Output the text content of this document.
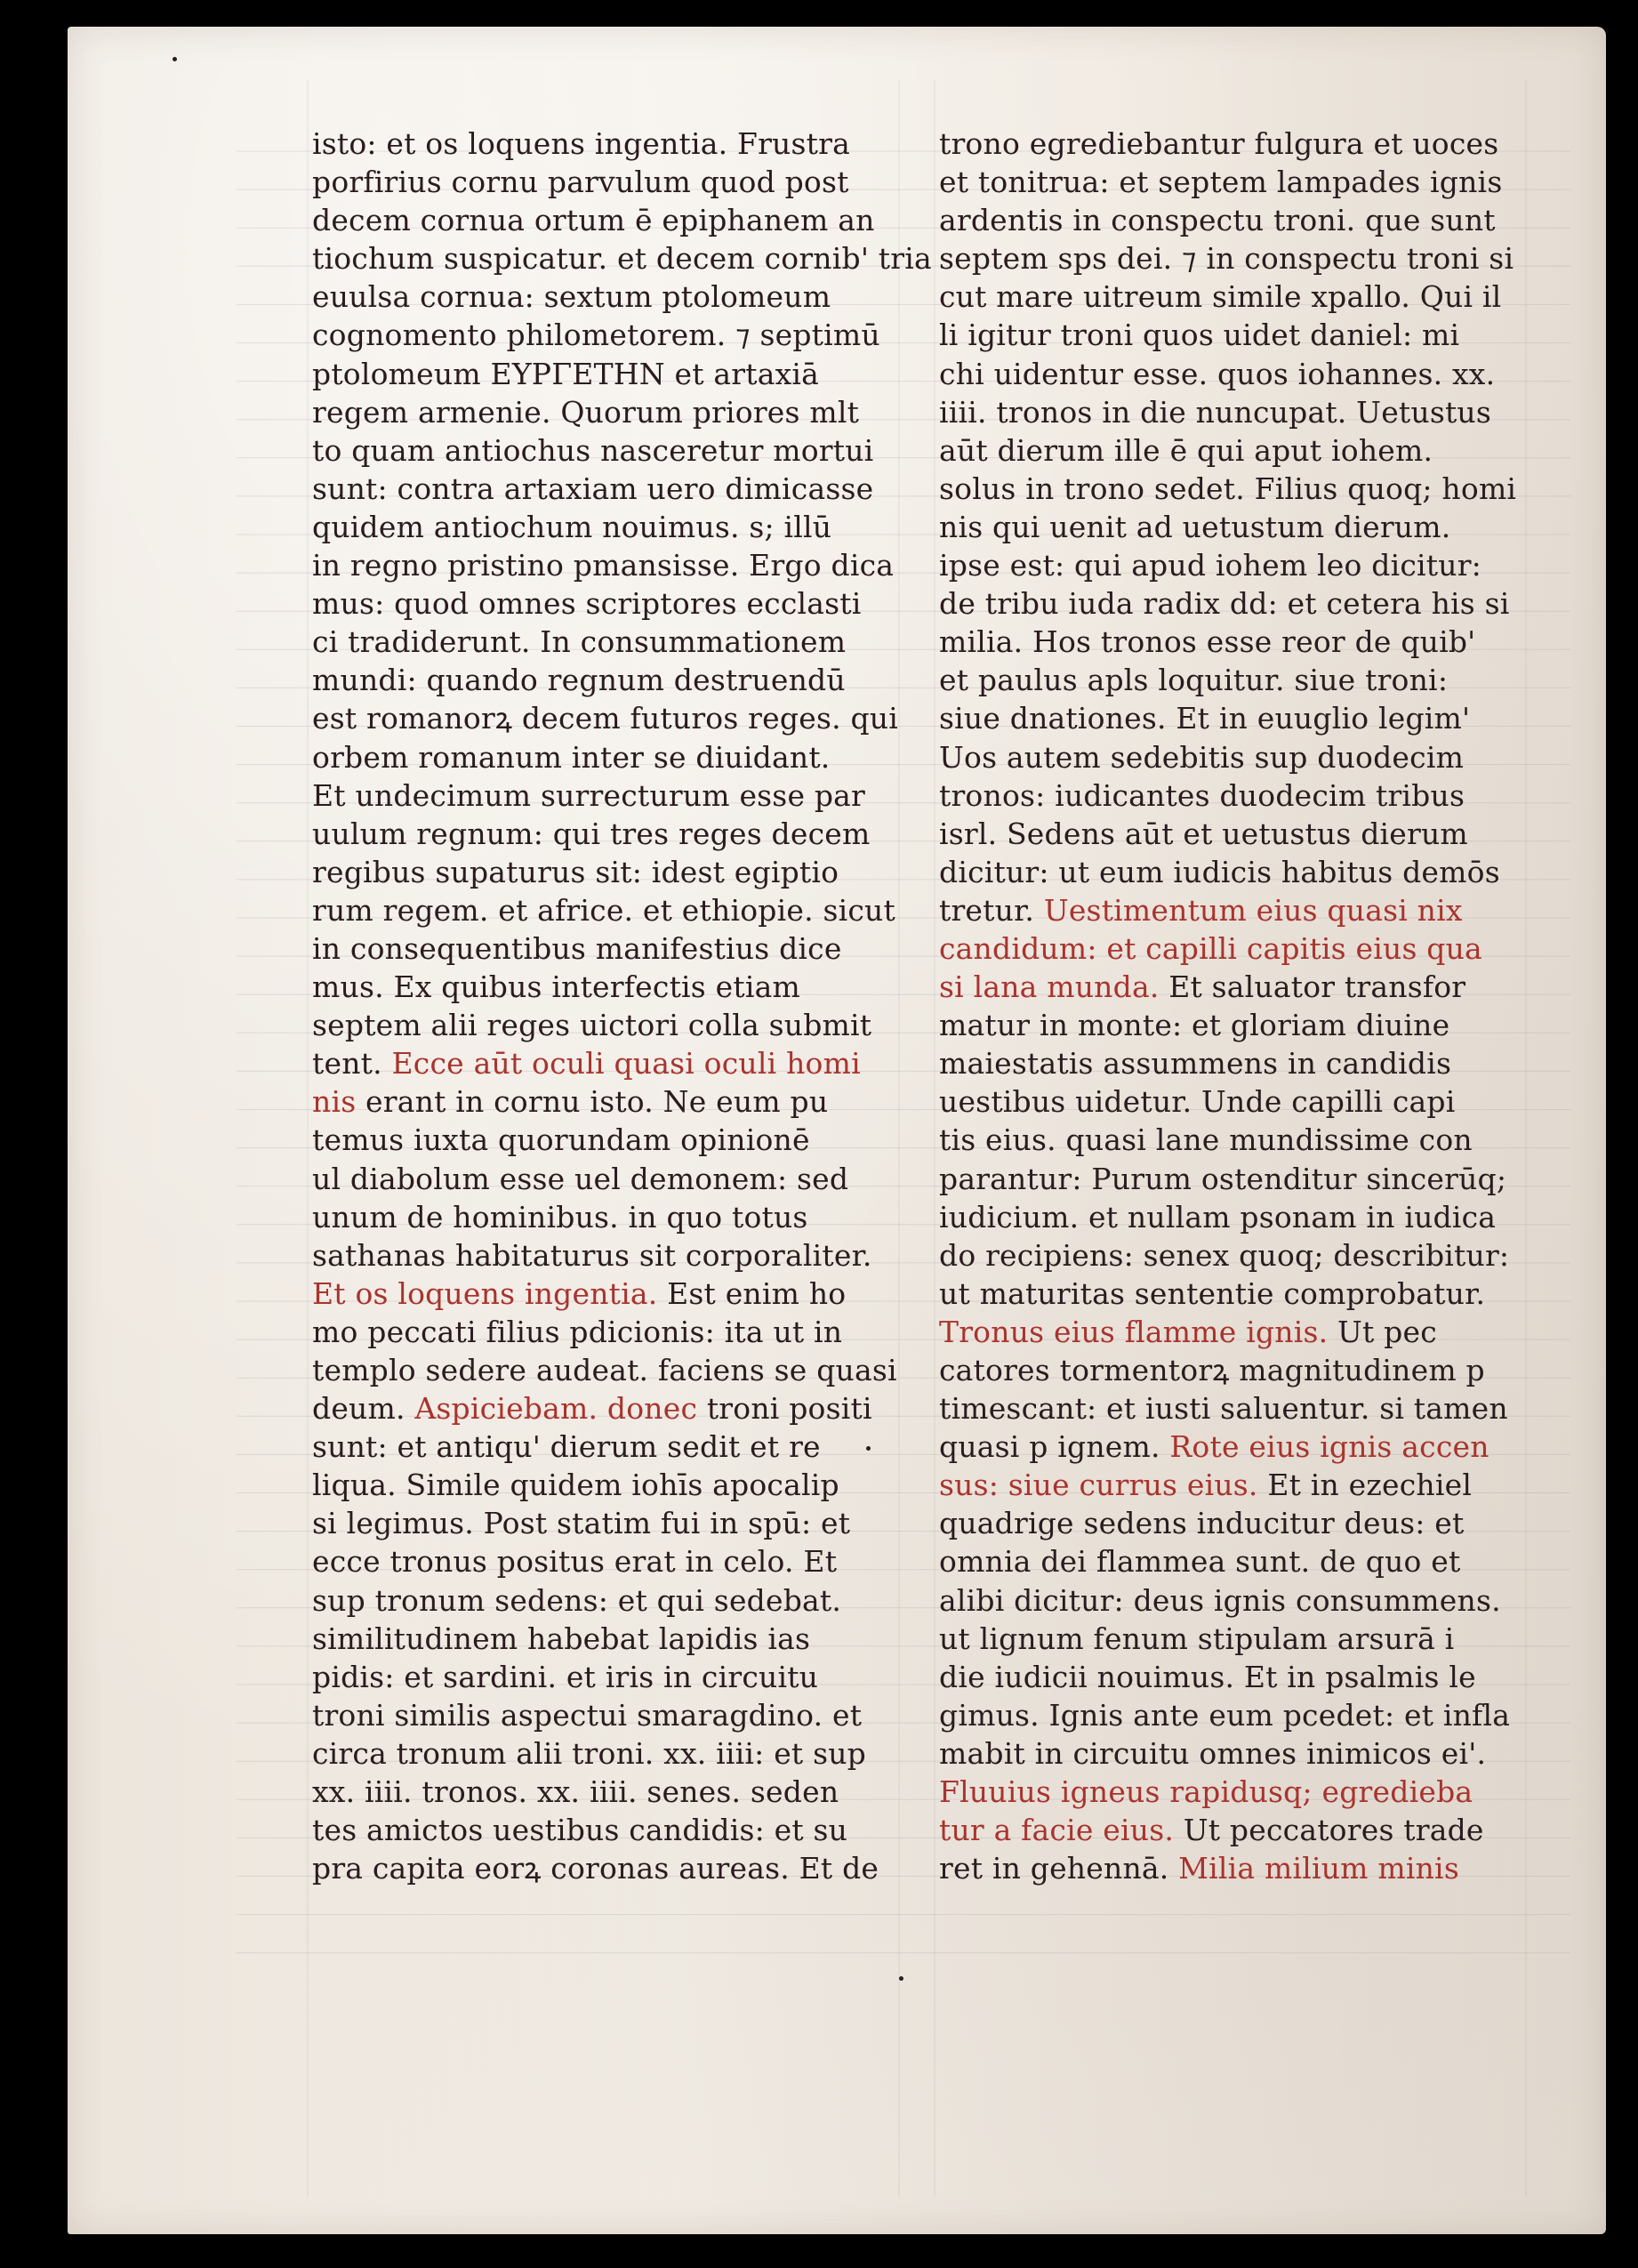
isto: et os loquens ingentia. Frustra
porfirius cornu parvulum quod post
decem cornua ortum ē epiphanem an
tiochum suspicatur. et decem cornib' tria
euulsa cornua: sextum ptolomeum
cognomento philometorem. ⁊ septimū
ptolomeum ΕΥΡΓΕΤΗΝ et artaxiā
regem armenie. Quorum priores mlt
to quam antiochus nasceretur mortui
sunt: contra artaxiam uero dimicasse
quidem antiochum nouimus. s; illū
in regno pristino pmansisse. Ergo dica
mus: quod omnes scriptores ecclasti
ci tradiderunt. In consummationem
mundi: quando regnum destruendū
est romanorꝝ decem futuros reges. qui
orbem romanum inter se diuidant.
Et undecimum surrecturum esse par
uulum regnum: qui tres reges decem
regibus supaturus sit: idest egiptio
rum regem. et africe. et ethiopie. sicut
in consequentibus manifestius dice
mus. Ex quibus interfectis etiam
septem alii reges uictori colla submit
tent. Ecce aūt oculi quasi oculi homi
nis erant in cornu isto. Ne eum pu
temus iuxta quorundam opinionē
ul diabolum esse uel demonem: sed
unum de hominibus. in quo totus
sathanas habitaturus sit corporaliter.
Et os loquens ingentia. Est enim ho
mo peccati filius pdicionis: ita ut in
templo sedere audeat. faciens se quasi
deum. Aspiciebam. donec troni positi
sunt: et antiqu' dierum sedit et re
liqua. Simile quidem iohīs apocalip
si legimus. Post statim fui in spū: et
ecce tronus positus erat in celo. Et
sup tronum sedens: et qui sedebat.
similitudinem habebat lapidis ias
pidis: et sardini. et iris in circuitu
troni similis aspectui smaragdino. et
circa tronum alii troni. xx. iiii: et sup
xx. iiii. tronos. xx. iiii. senes. seden
tes amictos uestibus candidis: et su
pra capita eorꝝ coronas aureas. Et de
trono egrediebantur fulgura et uoces
et tonitrua: et septem lampades ignis
ardentis in conspectu troni. que sunt
septem sps dei. ⁊ in conspectu troni si
cut mare uitreum simile xpallo. Qui il
li igitur troni quos uidet daniel: mi
chi uidentur esse. quos iohannes. xx.
iiii. tronos in die nuncupat. Uetustus
aūt dierum ille ē qui aput iohem.
solus in trono sedet. Filius quoq; homi
nis qui uenit ad uetustum dierum.
ipse est: qui apud iohem leo dicitur:
de tribu iuda radix dd: et cetera his si
milia. Hos tronos esse reor de quib'
et paulus apls loquitur. siue troni:
siue dnationes. Et in euuglio legim'
Uos autem sedebitis sup duodecim
tronos: iudicantes duodecim tribus
isrl. Sedens aūt et uetustus dierum
dicitur: ut eum iudicis habitus demōs
tretur. Uestimentum eius quasi nix
candidum: et capilli capitis eius qua
si lana munda. Et saluator transfor
matur in monte: et gloriam diuine
maiestatis assummens in candidis
uestibus uidetur. Unde capilli capi
tis eius. quasi lane mundissime con
parantur: Purum ostenditur sincerūq;
iudicium. et nullam psonam in iudica
do recipiens: senex quoq; describitur:
ut maturitas sententie comprobatur.
Tronus eius flamme ignis. Ut pec
catores tormentorꝝ magnitudinem p
timescant: et iusti saluentur. si tamen
quasi p ignem. Rote eius ignis accen
sus: siue currus eius. Et in ezechiel
quadrige sedens inducitur deus: et
omnia dei flammea sunt. de quo et
alibi dicitur: deus ignis consummens.
ut lignum fenum stipulam arsurā i
die iudicii nouimus. Et in psalmis le
gimus. Ignis ante eum pcedet: et infla
mabit in circuitu omnes inimicos ei'.
Fluuius igneus rapidusq; egredieba
tur a facie eius. Ut peccatores trade
ret in gehennā. Milia milium minis
